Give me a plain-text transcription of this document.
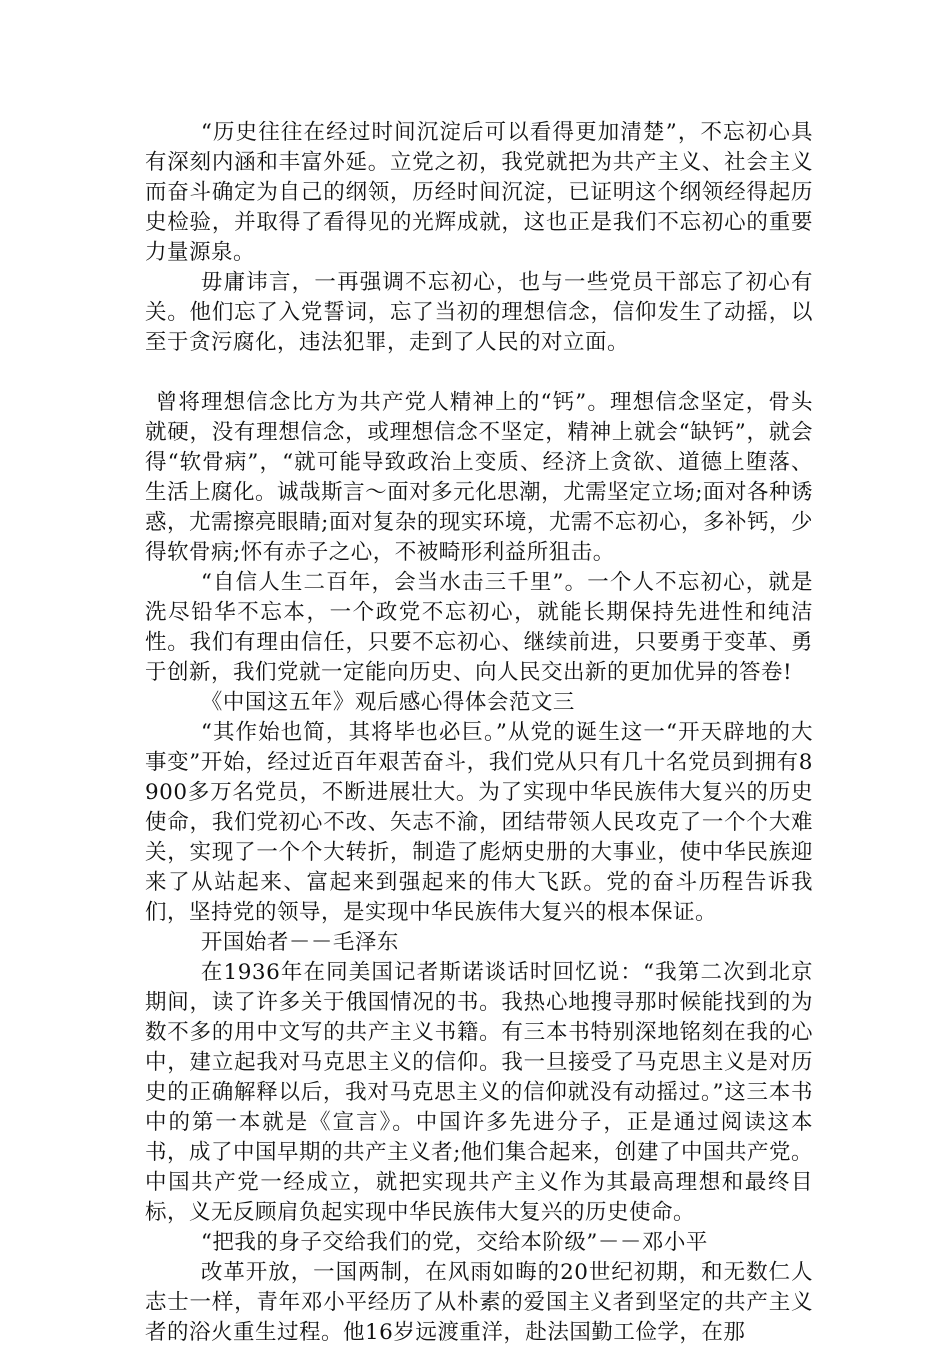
“历史往往在经过时间沉淀后可以看得更加清楚”，不忘初心具有深刻内涵和丰富外延。立党之初，我党就把为共产主义、社会主义而奋斗确定为自己的纲领，历经时间沉淀，已证明这个纲领经得起历史检验，并取得了看得见的光辉成就，这也正是我们不忘初心的重要力量源泉。

毋庸讳言，一再强调不忘初心，也与一些党员干部忘了初心有关。他们忘了入党誓词，忘了当初的理想信念，信仰发生了动摇，以至于贪污腐化，违法犯罪，走到了人民的对立面。

曾将理想信念比方为共产党人精神上的“钙”。理想信念坚定，骨头就硬，没有理想信念，或理想信念不坚定，精神上就会“缺钙”，就会得“软骨病”，“就可能导致政治上变质、经济上贪欲、道德上堕落、生活上腐化。诚哉斯言～面对多元化思潮，尤需坚定立场;面对各种诱惑，尤需擦亮眼睛;面对复杂的现实环境，尤需不忘初心，多补钙，少得软骨病;怀有赤子之心，不被畸形利益所狙击。

“自信人生二百年，会当水击三千里”。一个人不忘初心，就是洗尽铅华不忘本，一个政党不忘初心，就能长期保持先进性和纯洁性。我们有理由信任，只要不忘初心、继续前进，只要勇于变革、勇于创新，我们党就一定能向历史、向人民交出新的更加优异的答卷!

《中国这五年》观后感心得体会范文三

“其作始也简，其将毕也必巨。”从党的诞生这一“开天辟地的大事变”开始，经过近百年艰苦奋斗，我们党从只有几十名党员到拥有8900多万名党员，不断进展壮大。为了实现中华民族伟大复兴的历史使命，我们党初心不改、矢志不渝，团结带领人民攻克了一个个大难关，实现了一个个大转折，制造了彪炳史册的大事业，使中华民族迎来了从站起来、富起来到强起来的伟大飞跃。党的奋斗历程告诉我们，坚持党的领导，是实现中华民族伟大复兴的根本保证。

开国始者－－毛泽东

在1936年在同美国记者斯诺谈话时回忆说：“我第二次到北京期间，读了许多关于俄国情况的书。我热心地搜寻那时候能找到的为数不多的用中文写的共产主义书籍。有三本书特别深地铭刻在我的心中，建立起我对马克思主义的信仰。我一旦接受了马克思主义是对历史的正确解释以后，我对马克思主义的信仰就没有动摇过。”这三本书中的第一本就是《宣言》。中国许多先进分子，正是通过阅读这本书，成了中国早期的共产主义者;他们集合起来，创建了中国共产党。中国共产党一经成立，就把实现共产主义作为其最高理想和最终目标，义无反顾肩负起实现中华民族伟大复兴的历史使命。

“把我的身子交给我们的党，交给本阶级”－－邓小平

改革开放，一国两制，在风雨如晦的20世纪初期，和无数仁人志士一样，青年邓小平经历了从朴素的爱国主义者到坚定的共产主义者的浴火重生过程。他16岁远渡重洋，赴法国勤工俭学，在那
